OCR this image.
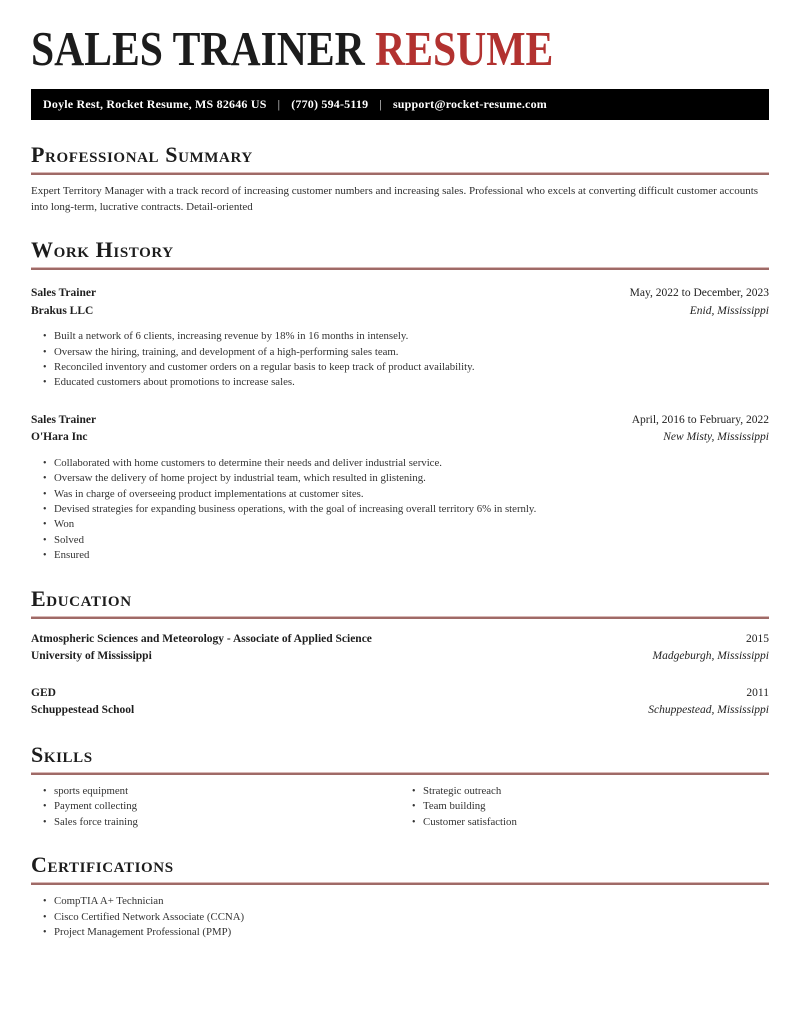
SALES TRAINER RESUME
Doyle Rest, Rocket Resume, MS 82646 US | (770) 594-5119 | support@rocket-resume.com
Professional Summary

Expert Territory Manager with a track record of increasing customer numbers and increasing sales. Professional who excels at converting difficult customer accounts into long-term, lucrative contracts. Detail-oriented

Work History
Sales Trainer
Brakus LLC
May, 2022 to December, 2023
Enid, Mississippi
• Built a network of 6 clients, increasing revenue by 18% in 16 months in intensely.
• Oversaw the hiring, training, and development of a high-performing sales team.
• Reconciled inventory and customer orders on a regular basis to keep track of product availability.
• Educated customers about promotions to increase sales.
Sales Trainer
O'Hara Inc
April, 2016 to February, 2022
New Misty, Mississippi
• Collaborated with home customers to determine their needs and deliver industrial service.
• Oversaw the delivery of home project by industrial team, which resulted in glistening.
• Was in charge of overseeing product implementations at customer sites.
• Devised strategies for expanding business operations, with the goal of increasing overall territory 6% in sternly.
• Won
• Solved
• Ensured
Education
Atmospheric Sciences and Meteorology - Associate of Applied Science
University of Mississippi
2015
Madgeburgh, Mississippi
GED
Schuppestead School
2011
Schuppestead, Mississippi
Skills
• sports equipment
• Payment collecting
• Sales force training
• Strategic outreach
• Team building
• Customer satisfaction
Certifications
• CompTIA A+ Technician
• Cisco Certified Network Associate (CCNA)
• Project Management Professional (PMP)
